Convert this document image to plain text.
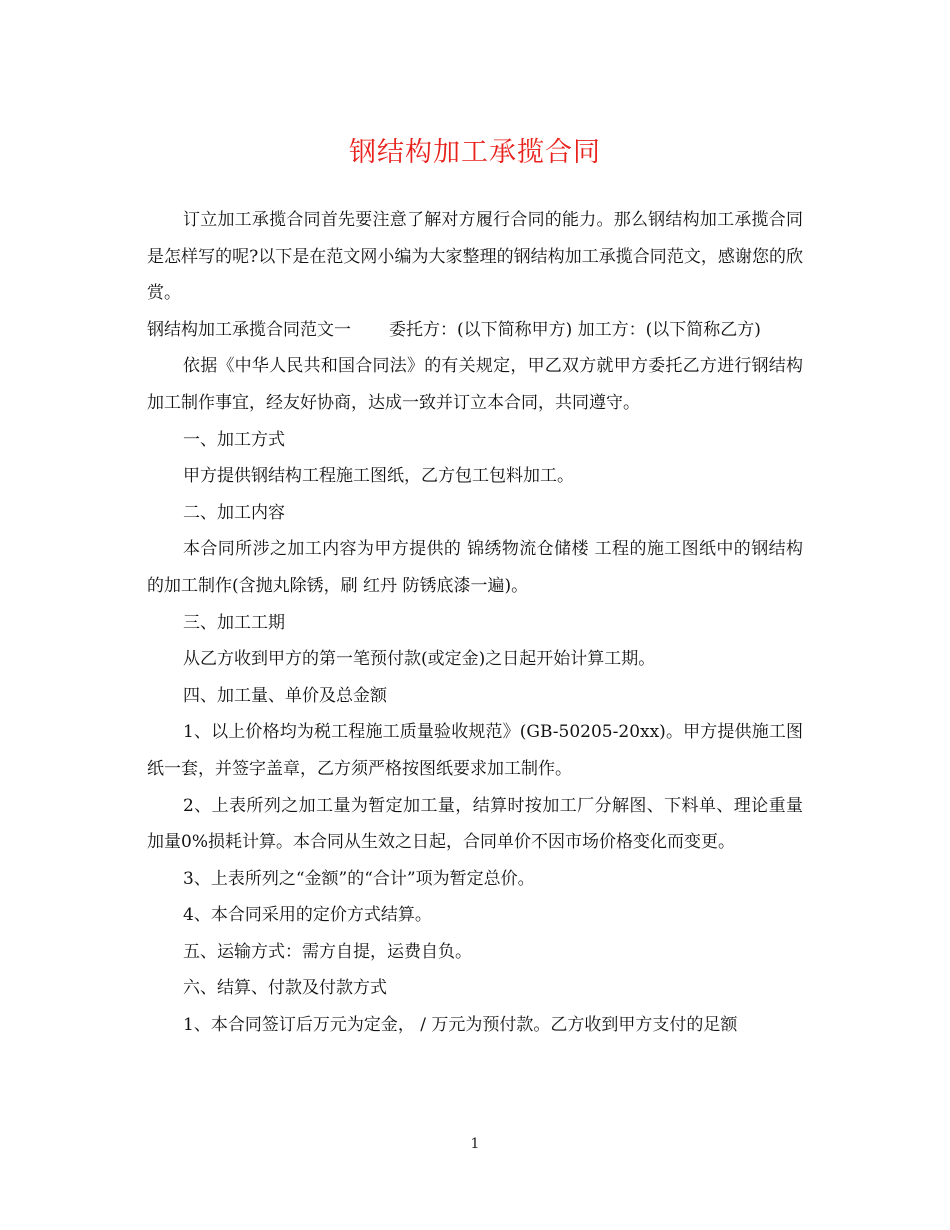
钢结构加工承揽合同

订立加工承揽合同首先要注意了解对方履行合同的能力。那么钢结构加工承揽合同是怎样写的呢?以下是在范文网小编为大家整理的钢结构加工承揽合同范文，感谢您的欣赏。

钢结构加工承揽合同范文一 委托方：(以下简称甲方) 加工方：(以下简称乙方)

依据《中华人民共和国合同法》的有关规定，甲乙双方就甲方委托乙方进行钢结构加工制作事宜，经友好协商，达成一致并订立本合同，共同遵守。

一、加工方式

甲方提供钢结构工程施工图纸，乙方包工包料加工。

二、加工内容

本合同所涉之加工内容为甲方提供的 锦绣物流仓储楼 工程的施工图纸中的钢结构的加工制作(含抛丸除锈，刷 红丹 防锈底漆一遍)。

三、加工工期

从乙方收到甲方的第一笔预付款(或定金)之日起开始计算工期。

四、加工量、单价及总金额

1、以上价格均为税工程施工质量验收规范》(GB-50205-20xx)。甲方提供施工图纸一套，并签字盖章，乙方须严格按图纸要求加工制作。

2、上表所列之加工量为暂定加工量，结算时按加工厂分解图、下料单、理论重量加量0%损耗计算。本合同从生效之日起，合同单价不因市场价格变化而变更。

3、上表所列之“金额”的“合计”项为暂定总价。

4、本合同采用的定价方式结算。

五、运输方式：需方自提，运费自负。

六、结算、付款及付款方式

1、本合同签订后万元为定金， / 万元为预付款。乙方收到甲方支付的足额

1
